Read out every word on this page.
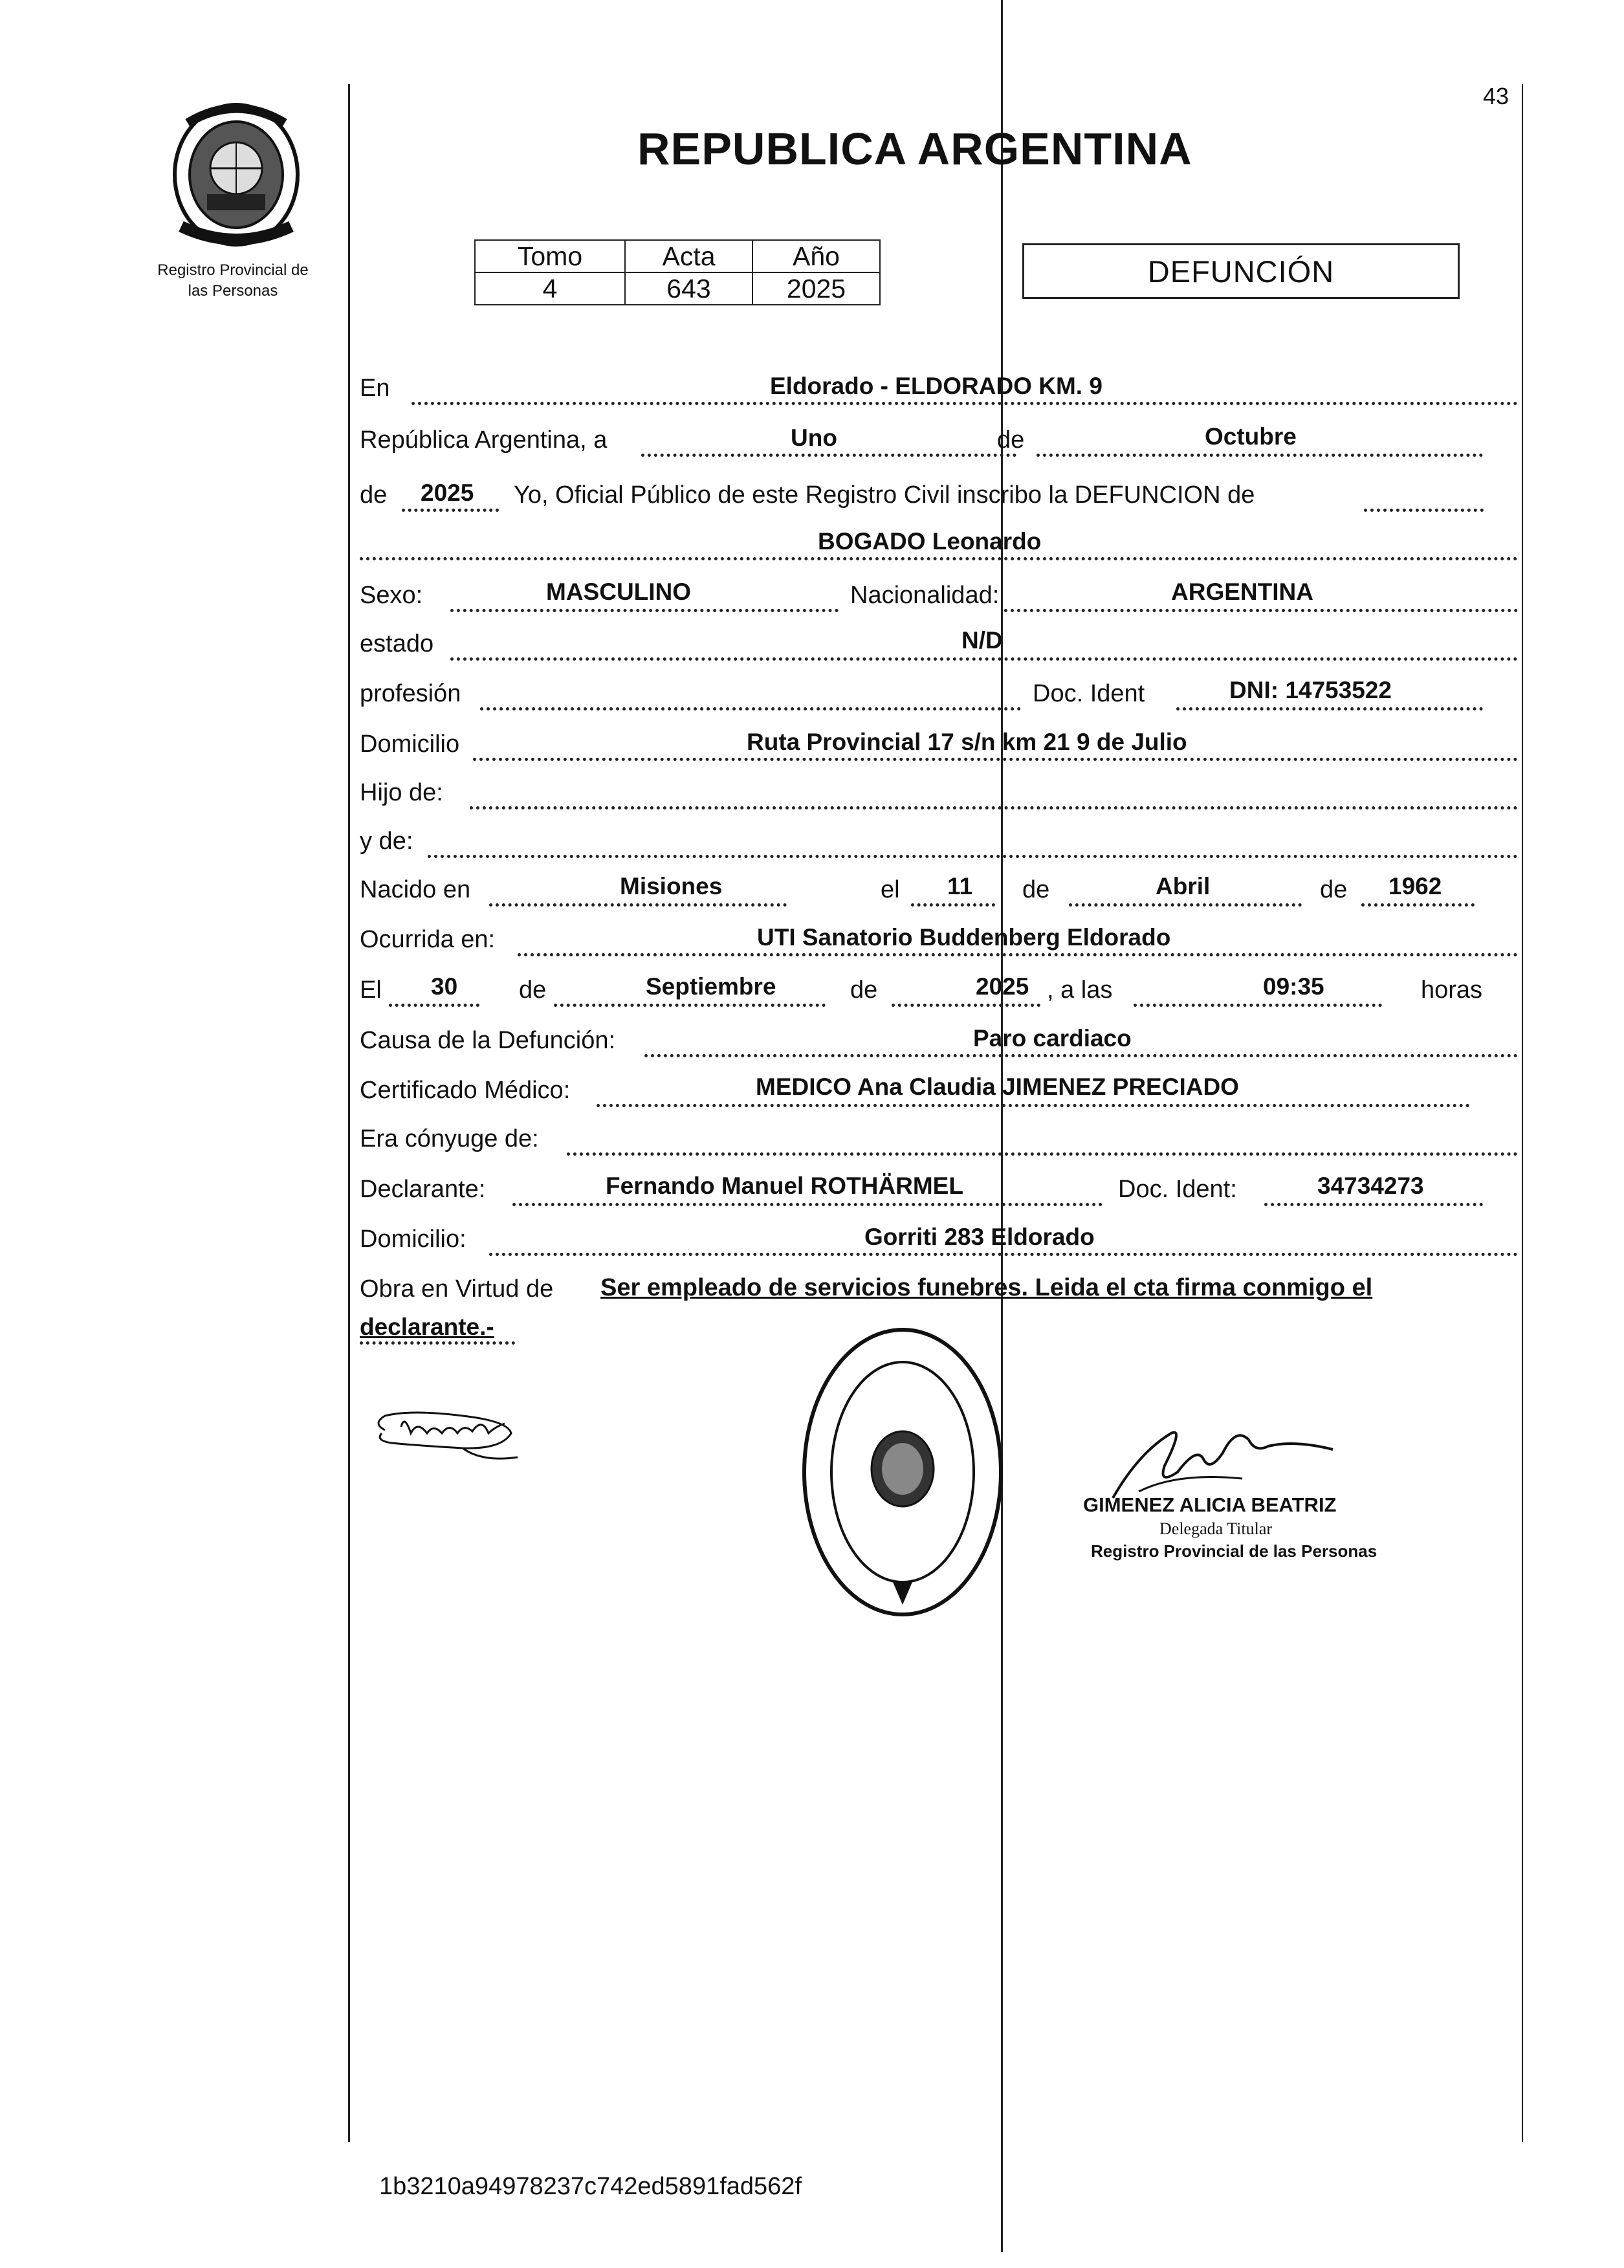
43
Registro Provincial de
las Personas
REPUBLICA ARGENTINA
Tomo	Acta	Año
4	643	2025	DEFUNCIÓN
En	Eldorado - ELDORADO KM. 9
República Argentina, a	Uno	de	Octubre
de 2025 Yo, Oficial Público de este Registro Civil inscribo la DEFUNCION de
BOGADO Leonardo
Sexo:	MASCULINO	Nacionalidad:	ARGENTINA
estado	N/D
profesión	Doc. Ident	DNI: 14753522
Domicilio	Ruta Provincial 17 s/n km 21 9 de Julio
Hijo de:
y de:
Nacido en	Misiones	el 11 de	Abril	de 1962
Ocurrida en:	UTI Sanatorio Buddenberg Eldorado
El 30 de	Septiembre	de	2025 , a las	09:35	horas
Causa de la Defunción:	Paro cardiaco
Certificado Médico:	MEDICO Ana Claudia JIMENEZ PRECIADO
Era cónyuge de:
Declarante:	Fernando Manuel ROTHÄRMEL	Doc. Ident:	34734273
Domicilio:	Gorriti 283 Eldorado
Obra en Virtud de Ser empleado de servicios funebres. Leida el cta firma conmigo el
declarante.-
GIMENEZ ALICIA BEATRIZ
Delegada Titular
Registro Provincial de las Personas
1b3210a94978237c742ed5891fad562f
